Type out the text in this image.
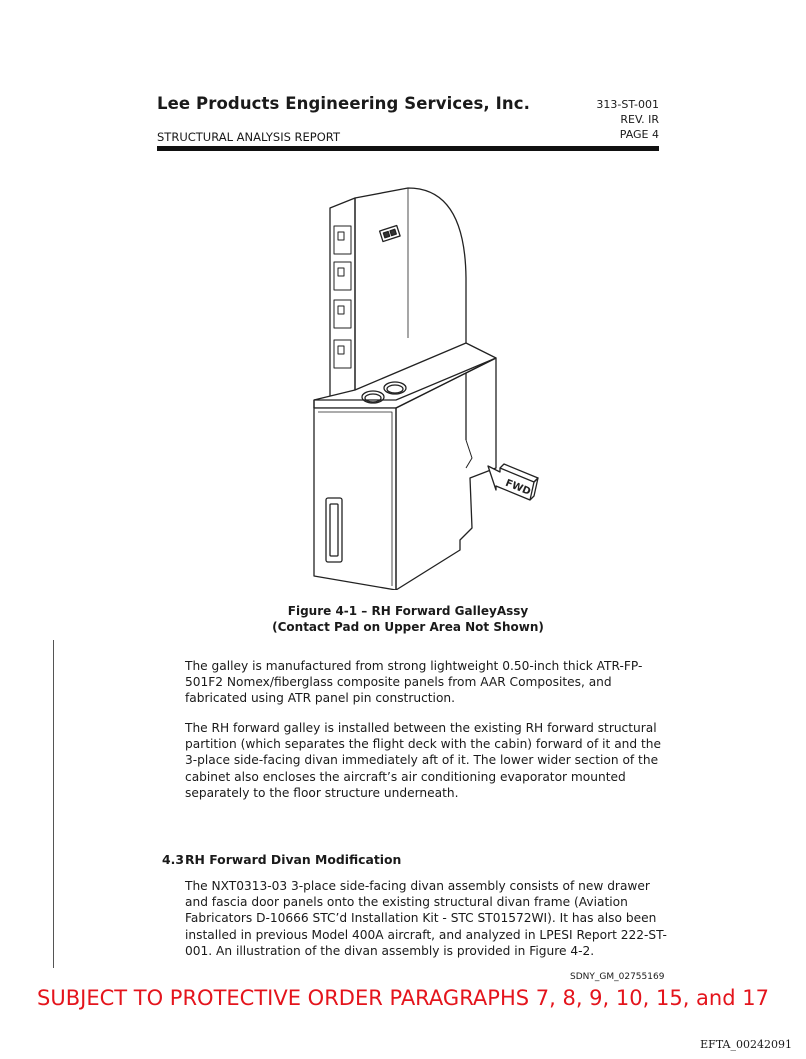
Lee Products Engineering Services, Inc.	313-ST-001
REV. IR
PAGE 4
STRUCTURAL ANALYSIS REPORT
FWD
Figure 4-1 – RH Forward GalleyAssy
(Contact Pad on Upper Area Not Shown)
The galley is manufactured from strong lightweight 0.50-inch thick ATR-FP-501F2 Nomex/fiberglass composite panels from AAR Composites, and fabricated using ATR panel pin construction.
The RH forward galley is installed between the existing RH forward structural partition (which separates the flight deck with the cabin) forward of it and the 3-place side-facing divan immediately aft of it. The lower wider section of the cabinet also encloses the aircraft’s air conditioning evaporator mounted separately to the floor structure underneath.
4.3RH Forward Divan Modification
The NXT0313-03 3-place side-facing divan assembly consists of new drawer and fascia door panels onto the existing structural divan frame (Aviation Fabricators D-10666 STC’d Installation Kit - STC ST01572WI). It has also been installed in previous Model 400A aircraft, and analyzed in LPESI Report 222-ST-001. An illustration of the divan assembly is provided in Figure 4-2.
SDNY_GM_02755169
SUBJECT TO PROTECTIVE ORDER PARAGRAPHS 7, 8, 9, 10, 15, and 17
EFTA_00242091
